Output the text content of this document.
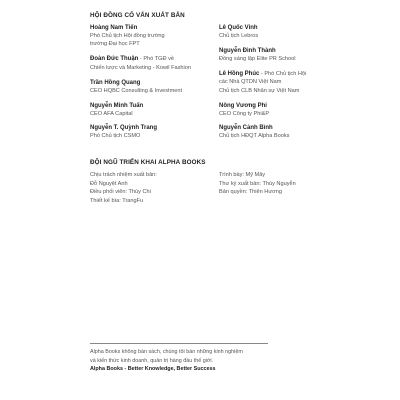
HỘI ĐỒNG CỐ VẤN XUẤT BẢN
Hoàng Nam Tiến
Phó Chủ tịch Hội đồng trường
trường Đại học FPT
Đoàn Đức Thuận - Phó TGĐ về
Chiến lược và Marketing - Kowil Fashion
Trần Hồng Quang
CEO HQBC Consulting & Investment
Nguyễn Minh Tuấn
CEO AFA Capital
Nguyễn T. Quỳnh Trang
Phó Chủ tịch CSMO
Lê Quốc Vinh
Chủ tịch Lebros
Nguyễn Đình Thành
Đồng sáng lập Elite PR School
Lê Hồng Phúc - Phó Chủ tịch Hội
các Nhà QTDN Việt Nam
Chủ tịch CLB Nhân sự Việt Nam
Nông Vương Phi
CEO Công ty Phi&P
Nguyễn Cảnh Bình
Chủ tịch HĐQT Alpha Books
ĐỘI NGŨ TRIỂN KHAI ALPHA BOOKS
Chịu trách nhiệm xuất bản:
Đỗ Nguyệt Anh
Điều phối viên: Thùy Chi
Thiết kế bìa: TrangFu
Trình bày: Mỹ Mây
Thư ký xuất bản: Thùy Nguyễn
Bản quyền: Thiên Hương
Alpha Books không bán sách, chúng tôi bán những kinh nghiệm
và kiến thức kinh doanh, quản trị hàng đầu thế giới.
Alpha Books - Better Knowledge, Better Success
